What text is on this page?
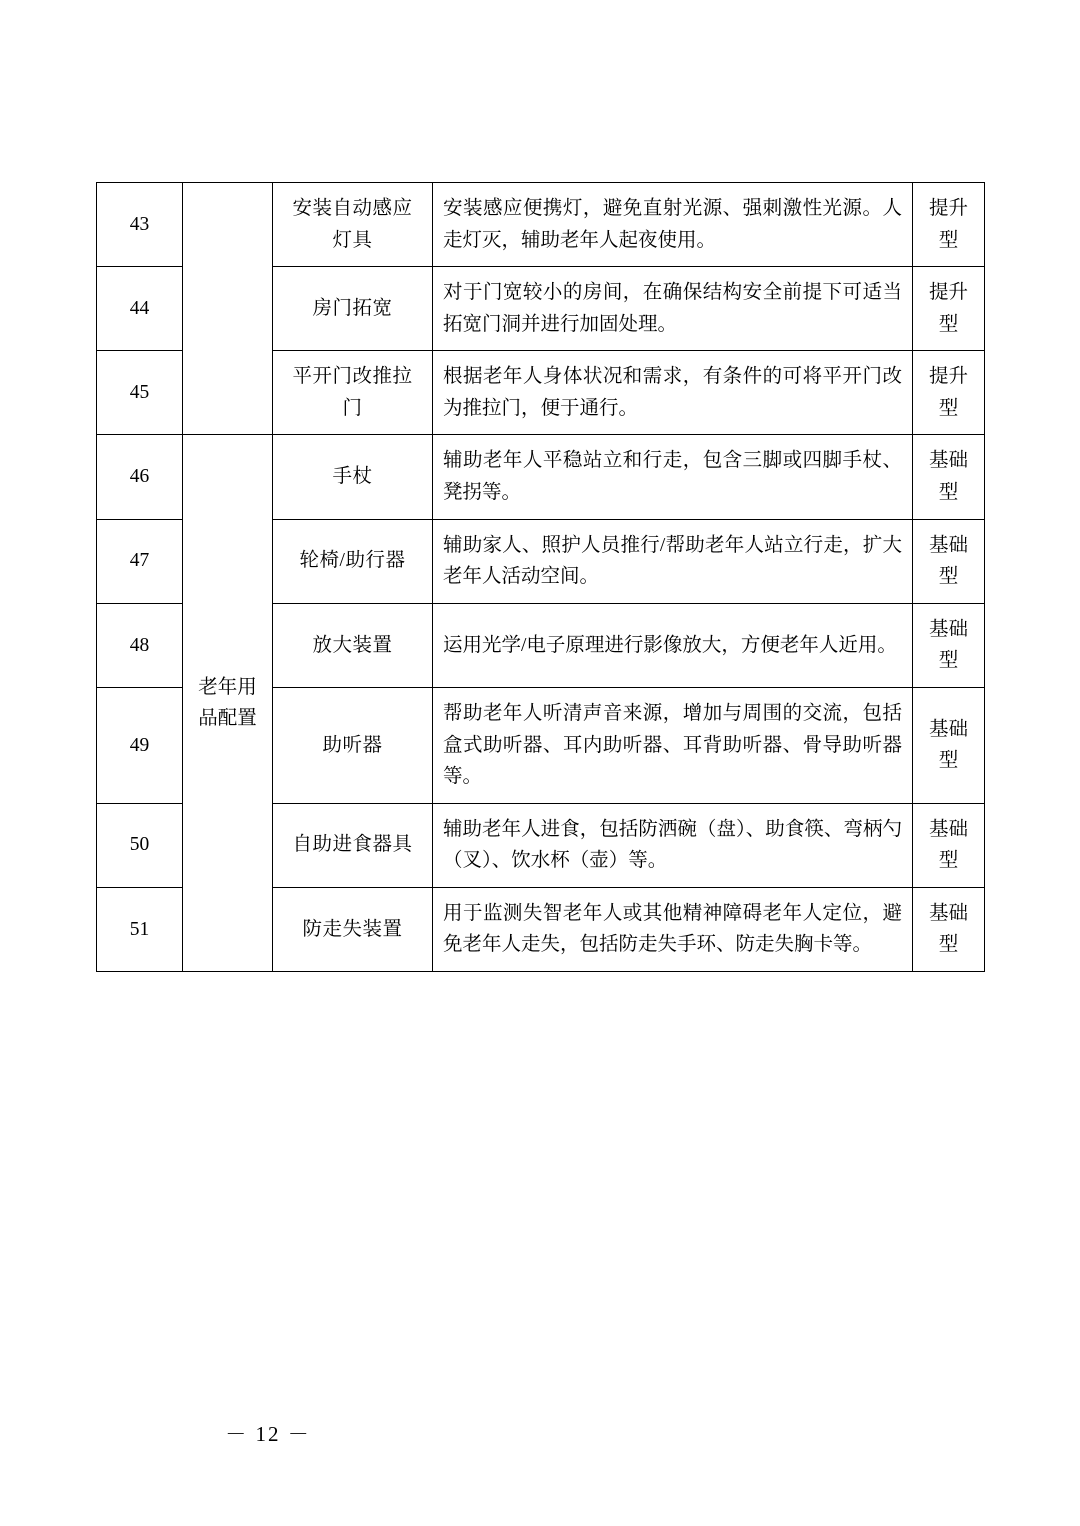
43		安装自动感应灯具	安装感应便携灯，避免直射光源、强刺激性光源。人走灯灭，辅助老年人起夜使用。	提升型
44		房门拓宽	对于门宽较小的房间，在确保结构安全前提下可适当拓宽门洞并进行加固处理。	提升型
45		平开门改推拉门	根据老年人身体状况和需求，有条件的可将平开门改为推拉门，便于通行。	提升型
46	老年用品配置	手杖	辅助老年人平稳站立和行走，包含三脚或四脚手杖、凳拐等。	基础型
47		轮椅/助行器	辅助家人、照护人员推行/帮助老年人站立行走，扩大老年人活动空间。	基础型
48		放大装置	运用光学/电子原理进行影像放大，方便老年人近用。	基础型
49		助听器	帮助老年人听清声音来源，增加与周围的交流，包括盒式助听器、耳内助听器、耳背助听器、骨导助听器等。	基础型
50		自助进食器具	辅助老年人进食，包括防洒碗（盘）、助食筷、弯柄勺（叉）、饮水杯（壶）等。	基础型
51		防走失装置	用于监测失智老年人或其他精神障碍老年人定位，避免老年人走失，包括防走失手环、防走失胸卡等。	基础型
－ 12 －
